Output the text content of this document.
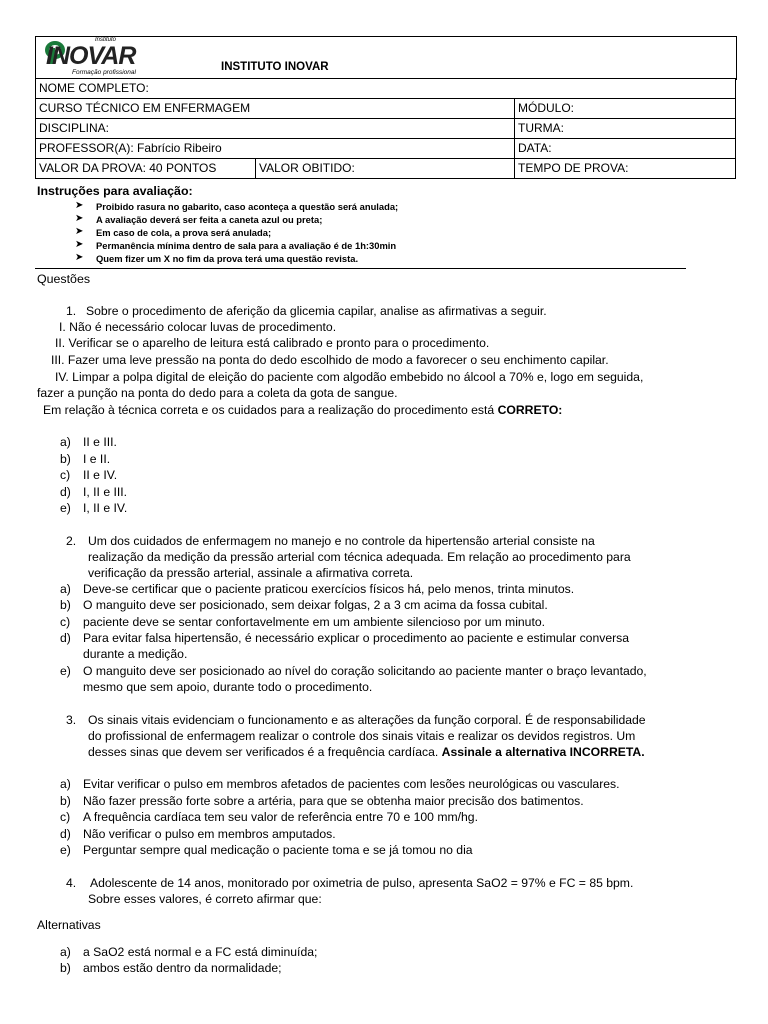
Instituto
INOVAR
Formação profissional	INSTITUTO INOVAR
NOME COMPLETO:		
CURSO TÉCNICO EM ENFERMAGEM		MÓDULO:
DISCIPLINA:		TURMA:
PROFESSOR(A): Fabrício Ribeiro		DATA:
VALOR DA PROVA: 40 PONTOS	VALOR OBITIDO:	TEMPO DE PROVA:
Instruções para avaliação:
➤ Proibido rasura no gabarito, caso aconteça a questão será anulada;
➤ A avaliação deverá ser feita a caneta azul ou preta;
➤ Em caso de cola, a prova será anulada;
➤ Permanência mínima dentro de sala para a avaliação é de 1h:30min
➤ Quem fizer um X no fim da prova terá uma questão revista.
Questões
1. Sobre o procedimento de aferição da glicemia capilar, analise as afirmativas a seguir.
I. Não é necessário colocar luvas de procedimento.
II. Verificar se o aparelho de leitura está calibrado e pronto para o procedimento.
III. Fazer uma leve pressão na ponta do dedo escolhido de modo a favorecer o seu enchimento capilar.
IV. Limpar a polpa digital de eleição do paciente com algodão embebido no álcool a 70% e, logo em seguida,
fazer a punção na ponta do dedo para a coleta da gota de sangue.
Em relação à técnica correta e os cuidados para a realização do procedimento está CORRETO:
a) II e III.
b) I e II.
c) II e IV.
d) I, II e III.
e) I, II e IV.
2. Um dos cuidados de enfermagem no manejo e no controle da hipertensão arterial consiste na
realização da medição da pressão arterial com técnica adequada. Em relação ao procedimento para
verificação da pressão arterial, assinale a afirmativa correta.
a) Deve-se certificar que o paciente praticou exercícios físicos há, pelo menos, trinta minutos.
b) O manguito deve ser posicionado, sem deixar folgas, 2 a 3 cm acima da fossa cubital.
c) paciente deve se sentar confortavelmente em um ambiente silencioso por um minuto.
d) Para evitar falsa hipertensão, é necessário explicar o procedimento ao paciente e estimular conversa
durante a medição.
e) O manguito deve ser posicionado ao nível do coração solicitando ao paciente manter o braço levantado,
mesmo que sem apoio, durante todo o procedimento.
3. Os sinais vitais evidenciam o funcionamento e as alterações da função corporal. É de responsabilidade
do profissional de enfermagem realizar o controle dos sinais vitais e realizar os devidos registros. Um
desses sinas que devem ser verificados é a frequência cardíaca. Assinale a alternativa INCORRETA.
a) Evitar verificar o pulso em membros afetados de pacientes com lesões neurológicas ou vasculares.
b) Não fazer pressão forte sobre a artéria, para que se obtenha maior precisão dos batimentos.
c) A frequência cardíaca tem seu valor de referência entre 70 e 100 mm/hg.
d) Não verificar o pulso em membros amputados.
e) Perguntar sempre qual medicação o paciente toma e se já tomou no dia
4. Adolescente de 14 anos, monitorado por oximetria de pulso, apresenta SaO2 = 97% e FC = 85 bpm.
Sobre esses valores, é correto afirmar que:
Alternativas
a) a SaO2 está normal e a FC está diminuída;
b) ambos estão dentro da normalidade;
